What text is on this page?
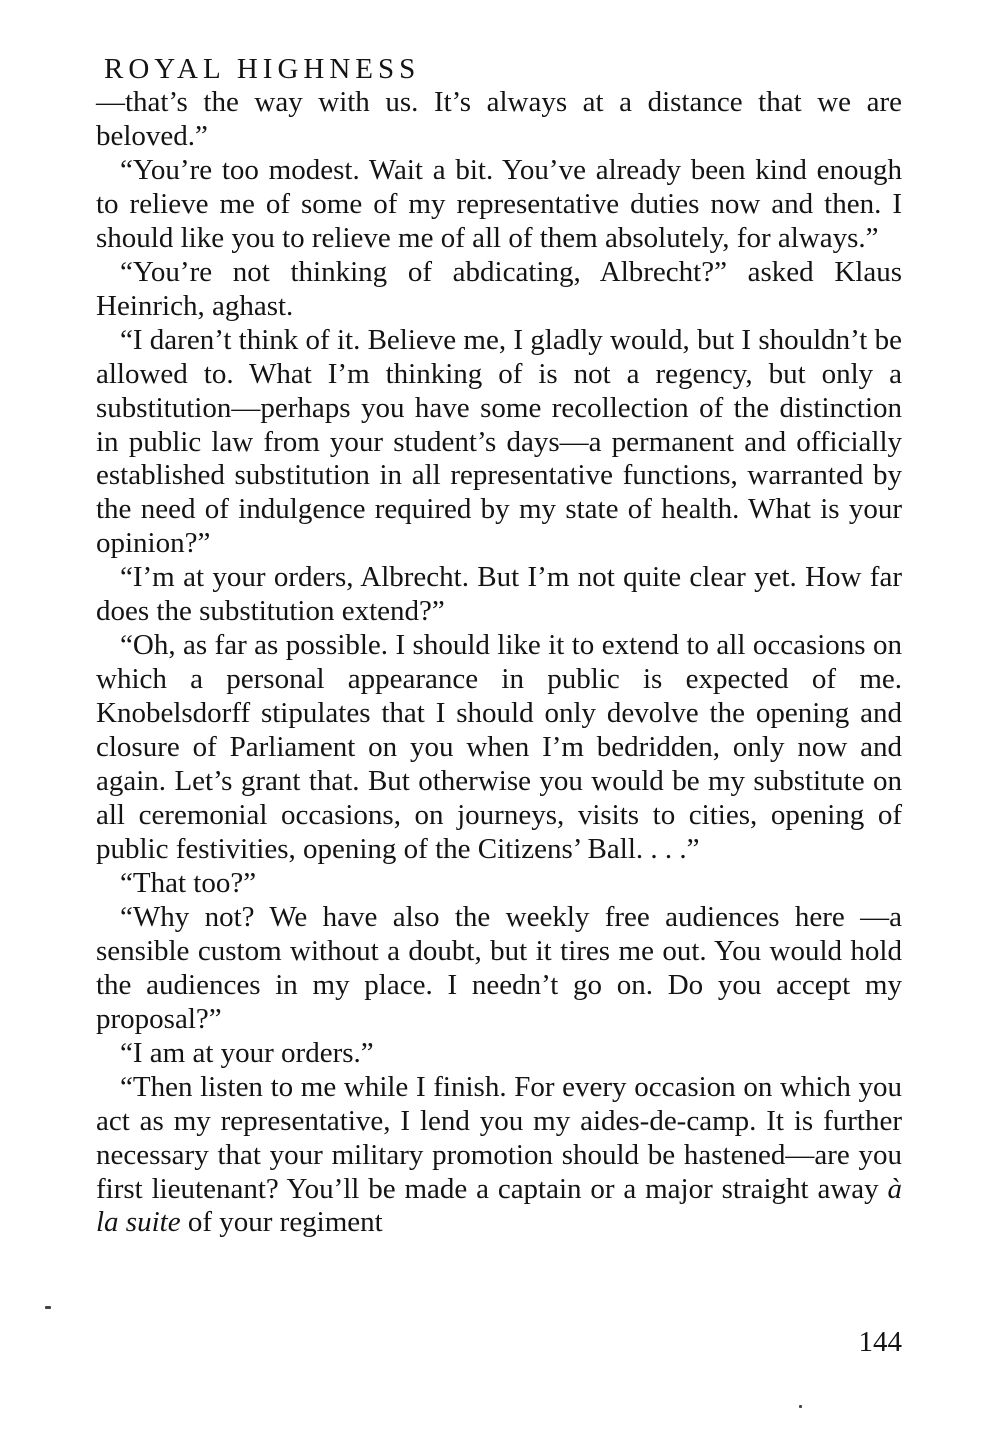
ROYAL HIGHNESS

—that’s the way with us. It’s always at a distance that we are beloved.”

“You’re too modest. Wait a bit. You’ve already been kind enough to relieve me of some of my representative duties now and then. I should like you to relieve me of all of them absolutely, for always.”

“You’re not thinking of abdicating, Albrecht?” asked Klaus Heinrich, aghast.

“I daren’t think of it. Believe me, I gladly would, but I shouldn’t be allowed to. What I’m thinking of is not a regency, but only a substitution—perhaps you have some recollection of the distinction in public law from your student’s days—a permanent and officially established substitution in all representative functions, warranted by the need of indulgence required by my state of health. What is your opinion?”

“I’m at your orders, Albrecht. But I’m not quite clear yet. How far does the substitution extend?”

“Oh, as far as possible. I should like it to extend to all occasions on which a personal appearance in public is expected of me. Knobelsdorff stipulates that I should only devolve the opening and closure of Parliament on you when I’m bedridden, only now and again. Let’s grant that. But otherwise you would be my substitute on all ceremonial occasions, on journeys, visits to cities, opening of public festivities, opening of the Citizens’ Ball. . . .”

“That too?”

“Why not? We have also the weekly free audiences here —a sensible custom without a doubt, but it tires me out. You would hold the audiences in my place. I needn’t go on. Do you accept my proposal?”

“I am at your orders.”

“Then listen to me while I finish. For every occasion on which you act as my representative, I lend you my aides-de-camp. It is further necessary that your military promotion should be hastened—are you first lieutenant? You’ll be made a captain or a major straight away à la suite of your regiment

144
